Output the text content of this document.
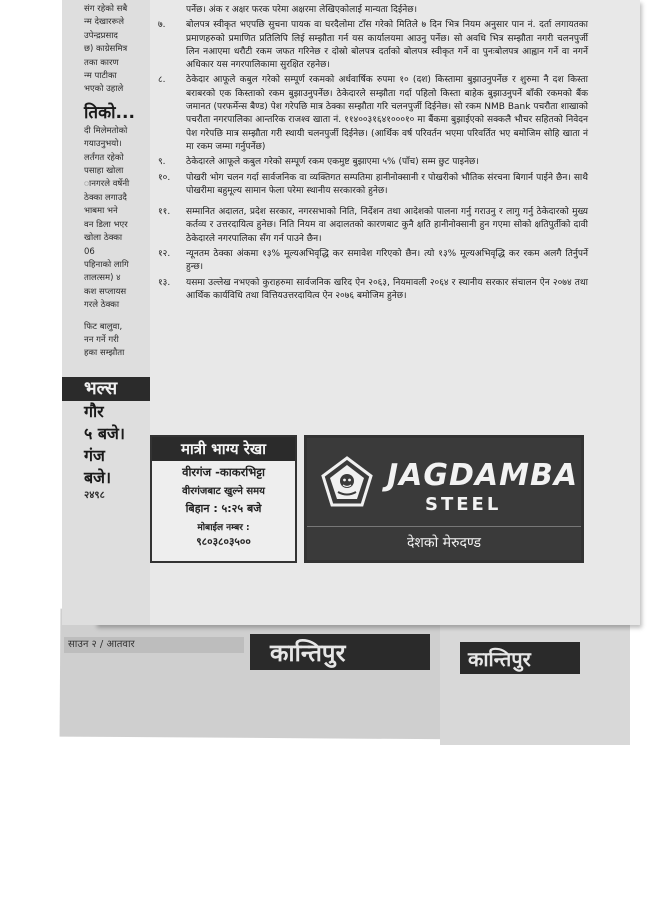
साउन २ / आतवार	कान्तिपुर	कान्तिपुर
संग रहेको सबै
न्म देखाररूले
उपेन्द्रप्रसाद
छ) काग्रेसमित्र
तका कारण
न्म पाटीका
भएको उहाले
तिको...
दी मिलेमतोको
गयाउनुभयो।
लर्तंगत रहेको
पसाहा खोला
ानगरले वर्षेनी
ठेक्का लगाउदै
भाबमा भने
वन डिला भएर
खोला ठेक्का
06
पहिनाको लागि
तालत्सम) ४
कश सप्लायस
गरले ठेक्का
फिट बालुवा,
नन गर्ने गरी
हका सम्झौता
भल्स
गौर
५ बजे।
गंज
बजे।
२४९८
पर्नेछ। अंक र अक्षर फरक परेमा अक्षरमा लेखिएकोलाई मान्यता दिईनेछ।
७.	बोलपत्र स्वीकृत भएपछि सुचना पायक वा घरदैलोमा टाँस गरेको मितिले ७ दिन भित्र नियम अनुसार पान नं. दर्ता लगायतका प्रमाणहरुको प्रमाणित प्रतिलिपि लिई सम्झौता गर्न यस कार्यालयमा आउनु पर्नेछ। सो अवधि भित्र सम्झौता नगरी चलनपुर्जी लिन नआएमा धरौटी रकम जफत गरिनेछ र दोस्रो बोलपत्र दर्ताको बोलपत्र स्वीकृत गर्ने वा पुनःबोलपत्र आह्वान गर्ने वा नगर्ने अधिकार यस नगरपालिकामा सुरक्षित रहनेछ।
८.	ठेकेदार आफूले कबुल गरेको सम्पूर्ण रकमको अर्धवार्षिक रुपमा १० (दश) किस्तामा बुझाउनुपर्नेछ र शुरुमा नै दश किस्ता बराबरको एक किस्ताको रकम बुझाउनुपर्नेछ। ठेकेदारले सम्झौता गर्दा पहिलो किस्ता बाहेक बुझाउनुपर्ने बाँकी रकमको बैंक जमानत (परफर्मेन्स बैण्ड) पेश गरेपछि मात्र ठेक्का सम्झौता गरि चलनपुर्जी दिईनेछ। सो रकम NMB Bank पचरौता शाखाको पचरौता नगरपालिका आन्तरिक राजश्व खाता नं. ११४००३१६४१०००१० मा बैंकमा बुझाईएको सक्कलै भौचर सहितको निवेदन पेश गरेपछि मात्र सम्झौता गरी स्थायी चलनपुर्जी दिईनेछ। (आर्थिक वर्ष परिवर्तन भएमा परिवर्तित भए बमोजिम सोहि खाता नं मा रकम जम्मा गर्नुपर्नेछ)
९.	ठेकेदारले आफूले कबुल गरेको सम्पूर्ण रकम एकमुष्ट बुझाएमा ५% (पाँच) सम्म छुट पाइनेछ।
१०.	पोखरी भोग चलन गर्दा सार्वजनिक वा व्यक्तिगत सम्पतिमा हानीनोक्सानी र पोखरीको भौतिक संरचना बिगार्न पाईने छैन। साथै पोखरीमा बहुमूल्य सामान फेला परेमा स्थानीय सरकारको हुनेछ।
११.	सम्मानित अदालत, प्रदेश सरकार, नगरसभाको निति, निर्देशन तथा आदेशको पालना गर्नु गराउनु र लागु गर्नु ठेकेदारको मुख्य कर्तव्य र उत्तरदायित्व हुनेछ। निति नियम वा अदालतको कारणबाट कुनै क्षति हानीनोक्सानी हुन गएमा सोको क्षतिपुर्तीको दावी ठेकेदारले नगरपालिका सँग गर्न पाउने छैन।
१२.	न्यूनतम ठेक्का अंकमा १३% मूल्यअभिवृद्धि कर समावेश गरिएको छैन। त्यो १३% मूल्यअभिवृद्धि कर रकम अलगै तिर्नुपर्ने हुन्छ।
१३.	यसमा उल्लेख नभएको कुराहरुमा सार्वजनिक खरिद ऐन २०६३, नियमावली २०६४ र स्थानीय सरकार संचालन ऐन २०७४ तथा आर्थिक कार्यविधि तथा वित्तियउत्तरदायित्व ऐन २०७६ बमोजिम हुनेछ।
मात्री भाग्य रेखा
वीरगंज -काकरभिट्टा
वीरगंजबाट खुल्ने समय
बिहान : ५:२५ बजे
मोबाईल नम्बर :
९८०३८०३५००
JAGDAMBA
STEEL
देशको मेरुदण्ड
